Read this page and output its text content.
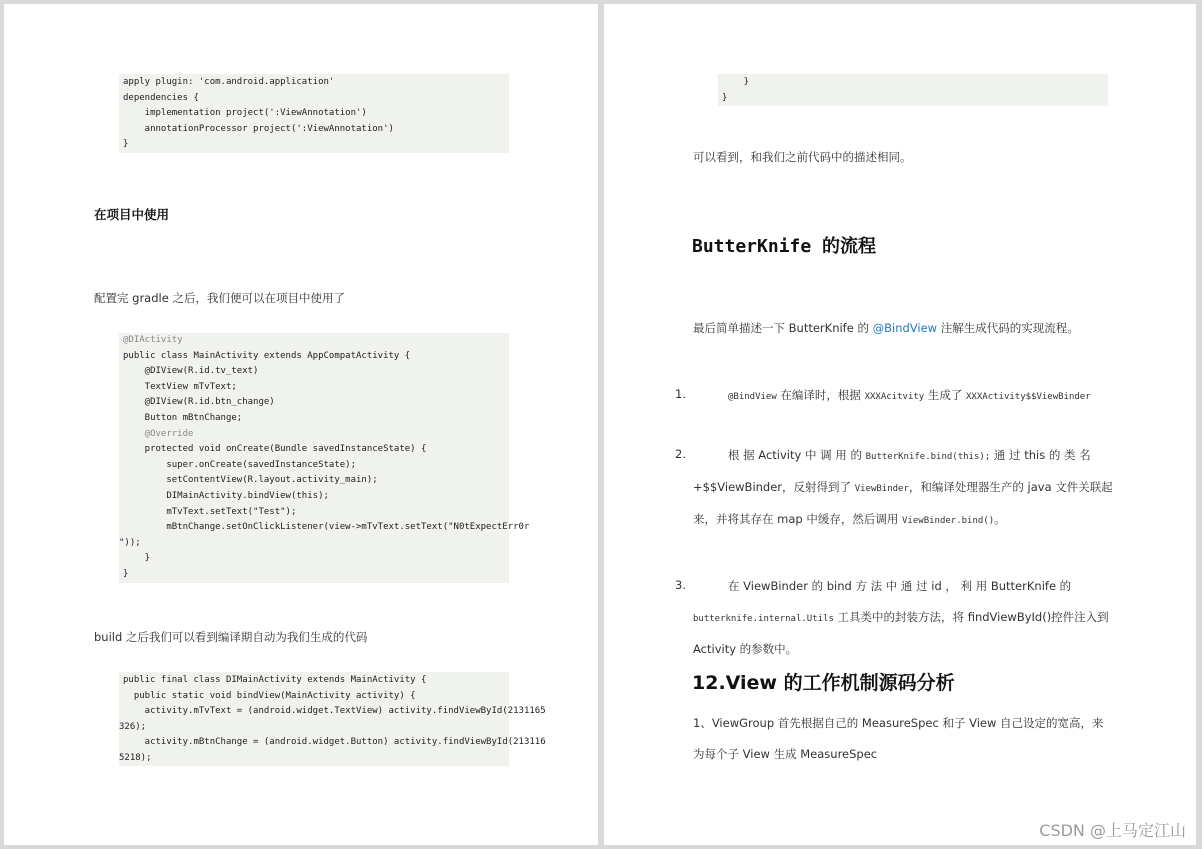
apply plugin: 'com.android.application'
dependencies {
implementation project(':ViewAnnotation')
annotationProcessor project(':ViewAnnotation')
}
在项目中使用
配置完 gradle 之后，我们便可以在项目中使用了
@DIActivity
public class MainActivity extends AppCompatActivity {
@DIView(R.id.tv_text)
TextView mTvText;
@DIView(R.id.btn_change)
Button mBtnChange;
@Override
protected void onCreate(Bundle savedInstanceState) {
super.onCreate(savedInstanceState);
setContentView(R.layout.activity_main);
DIMainActivity.bindView(this);
mTvText.setText("Test");
mBtnChange.setOnClickListener(view->mTvText.setText("N0tExpectErr0r
"));
}
}
build 之后我们可以看到编译期自动为我们生成的代码
public final class DIMainActivity extends MainActivity {
public static void bindView(MainActivity activity) {
activity.mTvText = (android.widget.TextView) activity.findViewById(2131165
326);
activity.mBtnChange = (android.widget.Button) activity.findViewById(213116
5218);
}
}
可以看到，和我们之前代码中的描述相同。
ButterKnife 的流程
最后简单描述一下 ButterKnife 的 @BindView 注解生成代码的实现流程。
1.	@BindView 在编译时，根据 XXXAcitvity 生成了 XXXActivity$$ViewBinder
2.	根 据 Activity 中 调 用 的 ButterKnife.bind(this); 通 过 this 的 类 名
+$$ViewBinder，反射得到了 ViewBinder，和编译处理器生产的 java 文件关联起
来，并将其存在 map 中缓存，然后调用 ViewBinder.bind()。
3.	在 ViewBinder 的 bind 方 法 中 通 过 id ， 利 用 ButterKnife 的
butterknife.internal.Utils 工具类中的封装方法，将 findViewById()控件注入到
Activity 的参数中。
12.View 的工作机制源码分析
1、ViewGroup 首先根据自己的 MeasureSpec 和子 View 自己设定的宽高，来
为每个子 View 生成 MeasureSpec
CSDN @上马定江山
